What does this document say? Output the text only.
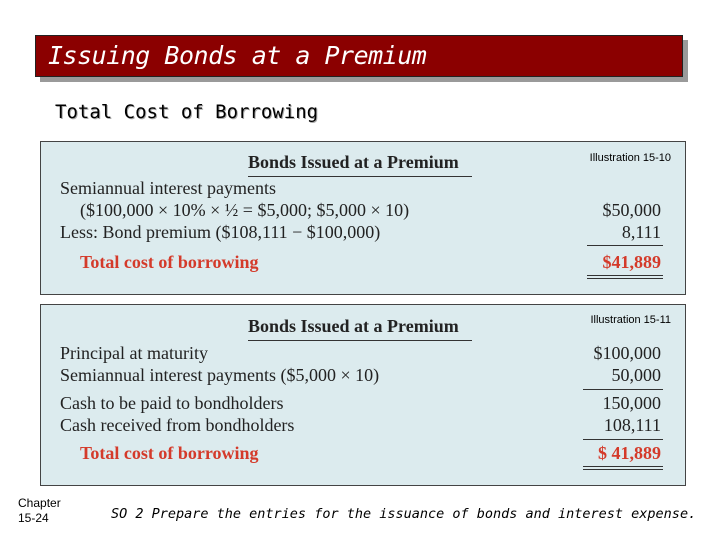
Issuing Bonds at a Premium
Total Cost of Borrowing
Bonds Issued at a Premium	Illustration 15-10
Semiannual interest payments
($100,000 × 10% × ½ = $5,000; $5,000 × 10)	$50,000
Less: Bond premium ($108,111 − $100,000)	8,111
Total cost of borrowing	$41,889
Bonds Issued at a Premium	Illustration 15-11
Principal at maturity	$100,000
Semiannual interest payments ($5,000 × 10)	50,000
Cash to be paid to bondholders	150,000
Cash received from bondholders	108,111
Total cost of borrowing	$ 41,889
Chapter
15-24	SO 2 Prepare the entries for the issuance of bonds and interest expense.
